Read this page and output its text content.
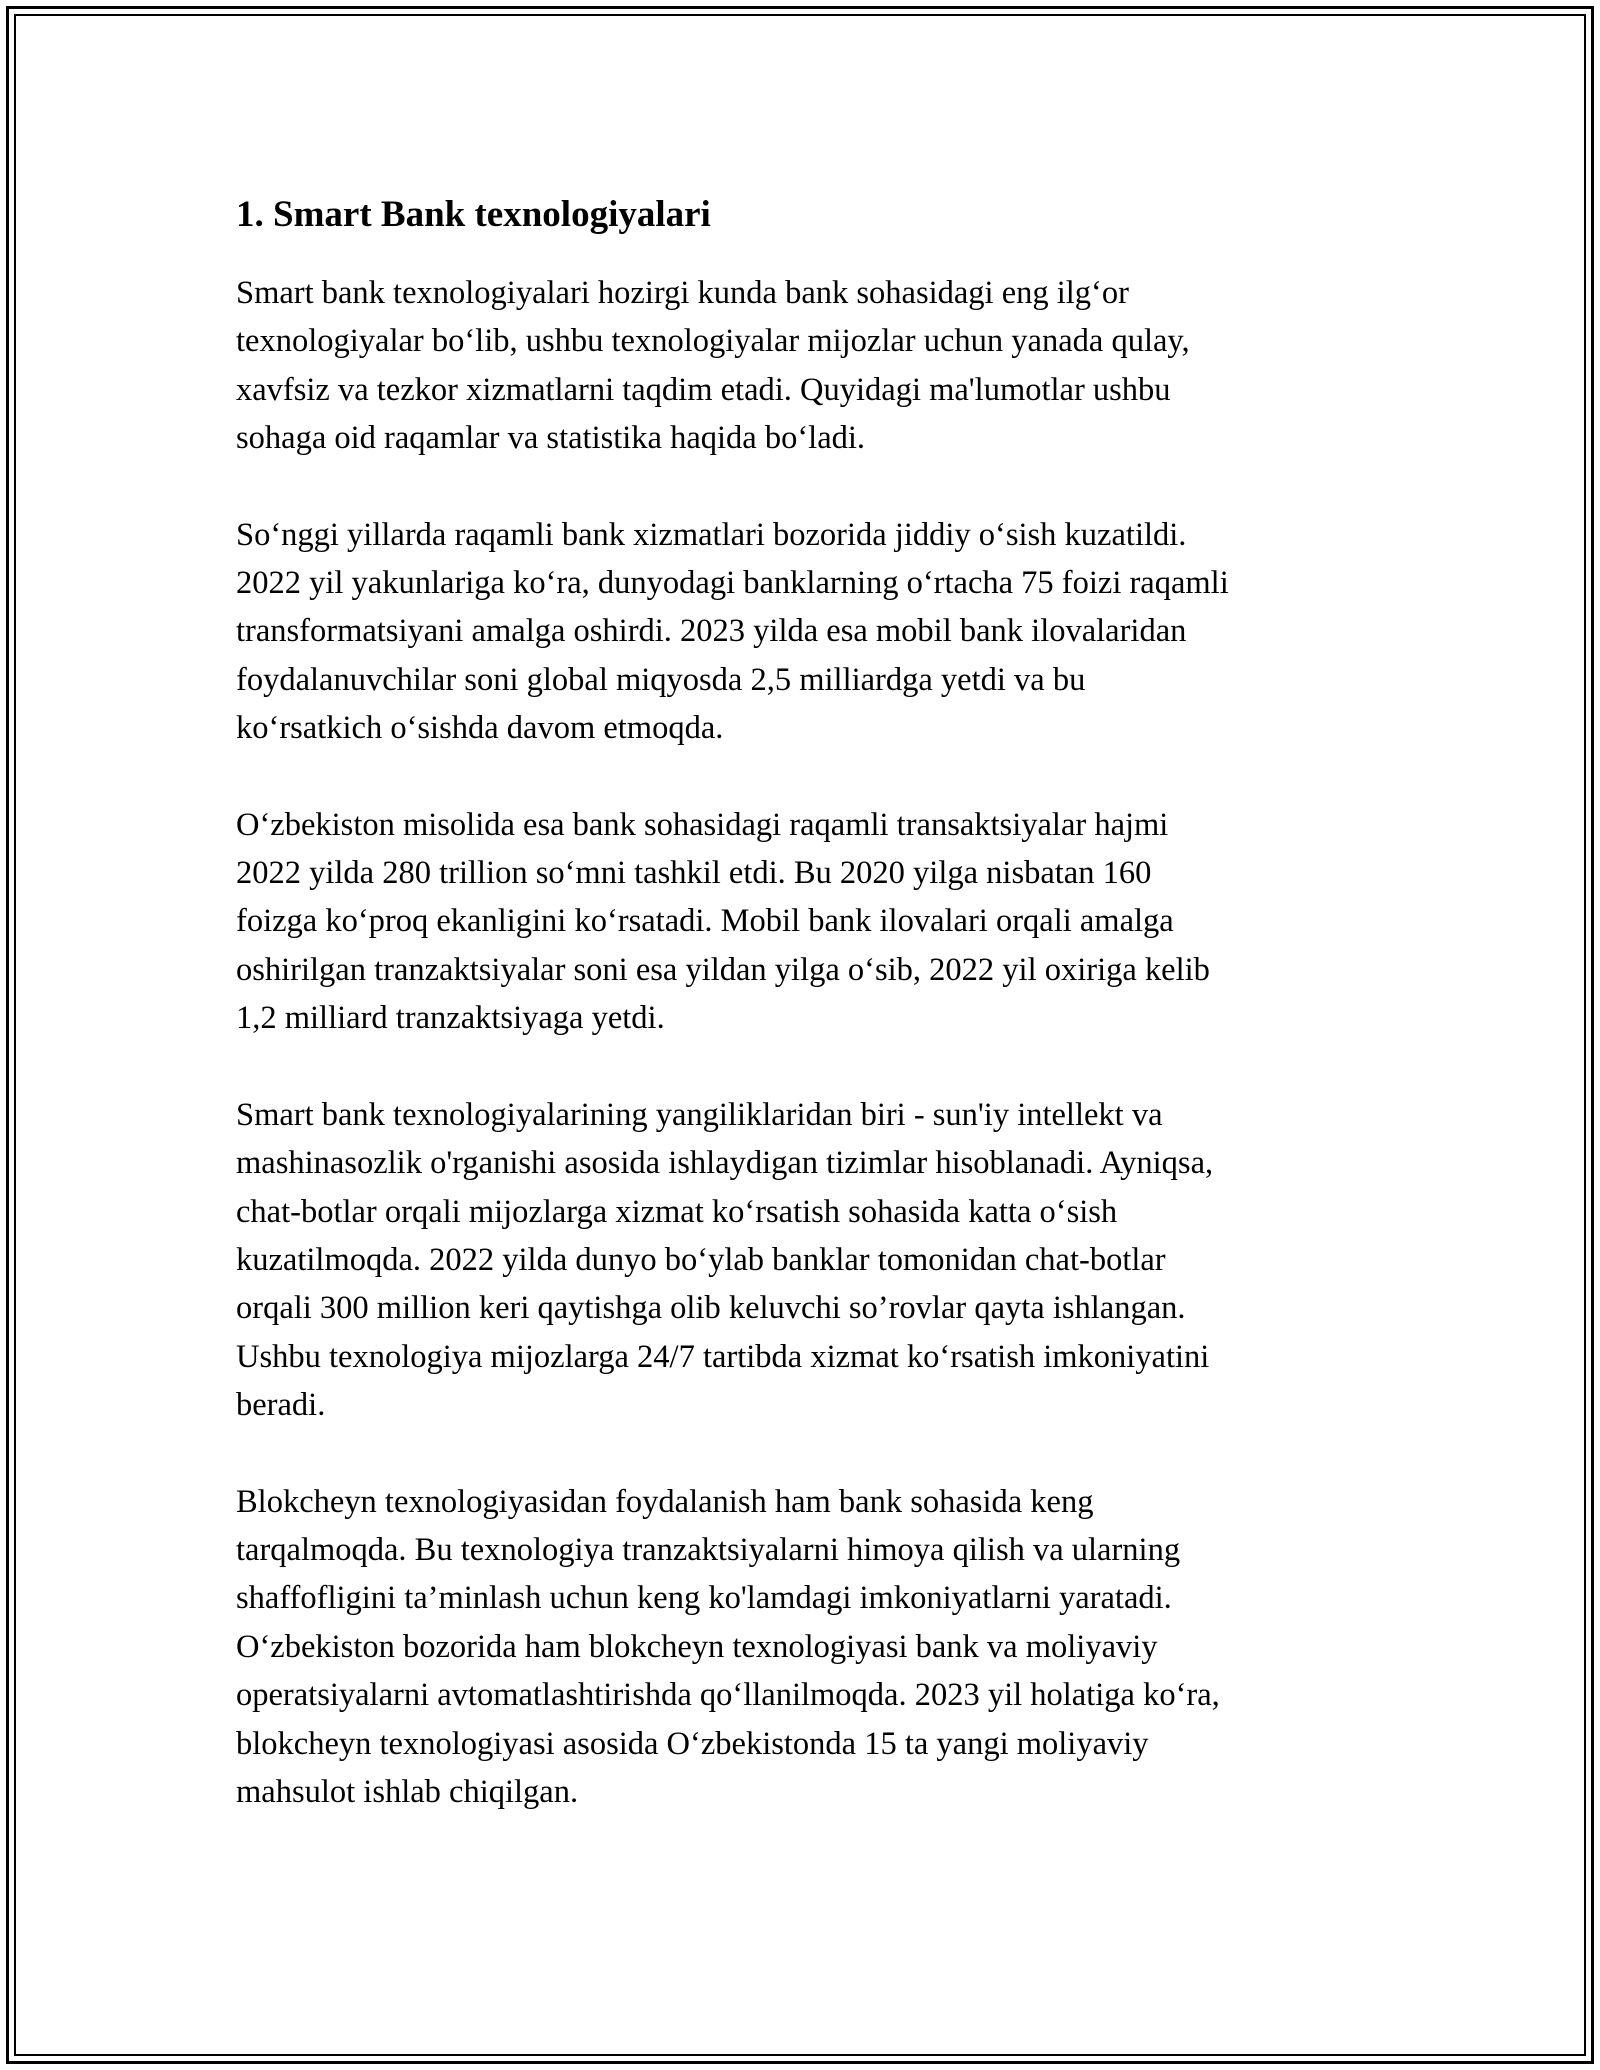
1. Smart Bank texnologiyalari

Smart bank texnologiyalari hozirgi kunda bank sohasidagi eng ilg‘or
texnologiyalar bo‘lib, ushbu texnologiyalar mijozlar uchun yanada qulay,
xavfsiz va tezkor xizmatlarni taqdim etadi. Quyidagi ma'lumotlar ushbu
sohaga oid raqamlar va statistika haqida bo‘ladi.

So‘nggi yillarda raqamli bank xizmatlari bozorida jiddiy o‘sish kuzatildi.
2022 yil yakunlariga ko‘ra, dunyodagi banklarning o‘rtacha 75 foizi raqamli
transformatsiyani amalga oshirdi. 2023 yilda esa mobil bank ilovalaridan
foydalanuvchilar soni global miqyosda 2,5 milliardga yetdi va bu
ko‘rsatkich o‘sishda davom etmoqda.

O‘zbekiston misolida esa bank sohasidagi raqamli transaktsiyalar hajmi
2022 yilda 280 trillion so‘mni tashkil etdi. Bu 2020 yilga nisbatan 160
foizga ko‘proq ekanligini ko‘rsatadi. Mobil bank ilovalari orqali amalga
oshirilgan tranzaktsiyalar soni esa yildan yilga o‘sib, 2022 yil oxiriga kelib
1,2 milliard tranzaktsiyaga yetdi.

Smart bank texnologiyalarining yangiliklaridan biri - sun'iy intellekt va
mashinasozlik o'rganishi asosida ishlaydigan tizimlar hisoblanadi. Ayniqsa,
chat-botlar orqali mijozlarga xizmat ko‘rsatish sohasida katta o‘sish
kuzatilmoqda. 2022 yilda dunyo bo‘ylab banklar tomonidan chat-botlar
orqali 300 million keri qaytishga olib keluvchi so’rovlar qayta ishlangan.
Ushbu texnologiya mijozlarga 24/7 tartibda xizmat ko‘rsatish imkoniyatini
beradi.

Blokcheyn texnologiyasidan foydalanish ham bank sohasida keng
tarqalmoqda. Bu texnologiya tranzaktsiyalarni himoya qilish va ularning
shaffofligini ta’minlash uchun keng ko'lamdagi imkoniyatlarni yaratadi.
O‘zbekiston bozorida ham blokcheyn texnologiyasi bank va moliyaviy
operatsiyalarni avtomatlashtirishda qo‘llanilmoqda. 2023 yil holatiga ko‘ra,
blokcheyn texnologiyasi asosida O‘zbekistonda 15 ta yangi moliyaviy
mahsulot ishlab chiqilgan.
